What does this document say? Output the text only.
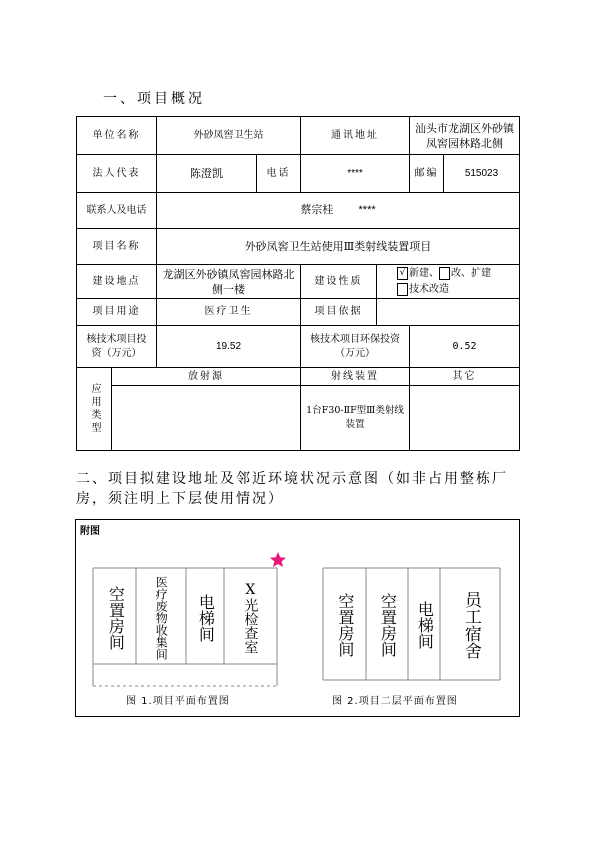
一、项目概况
单位名称		外砂凤窖卫生站		通讯地址		汕头市龙湖区外砂镇凤窖园林路北侧	
法人代表		陈澄凯	电话	****		邮编	515023
联系人及电话		蔡宗桂 ****					
项目名称		外砂凤窖卫生站使用Ⅲ类射线装置项目					
建设地点		龙湖区外砂镇凤窖园林路北侧一楼		建设性质	√ 新建、 改、扩建
技术改造		
项目用途		医疗卫生		项目依据			
核技术项目投资（万元）		19.52		核技术项目环保投资（万元）		0.52	

应用类型	放射源			射线装置		其它	
				1台F30-ⅡF型Ⅲ类射线装置			
二、项目拟建设地址及邻近环境状况示意图（如非占用整栋厂房，须注明上下层使用情况）
附图
空置房间 医疗废物收集间 电梯间 X光检查室	空置房间 空置房间 电梯间 员工宿舍
图 1.项目平面布置图	图 2.项目二层平面布置图
